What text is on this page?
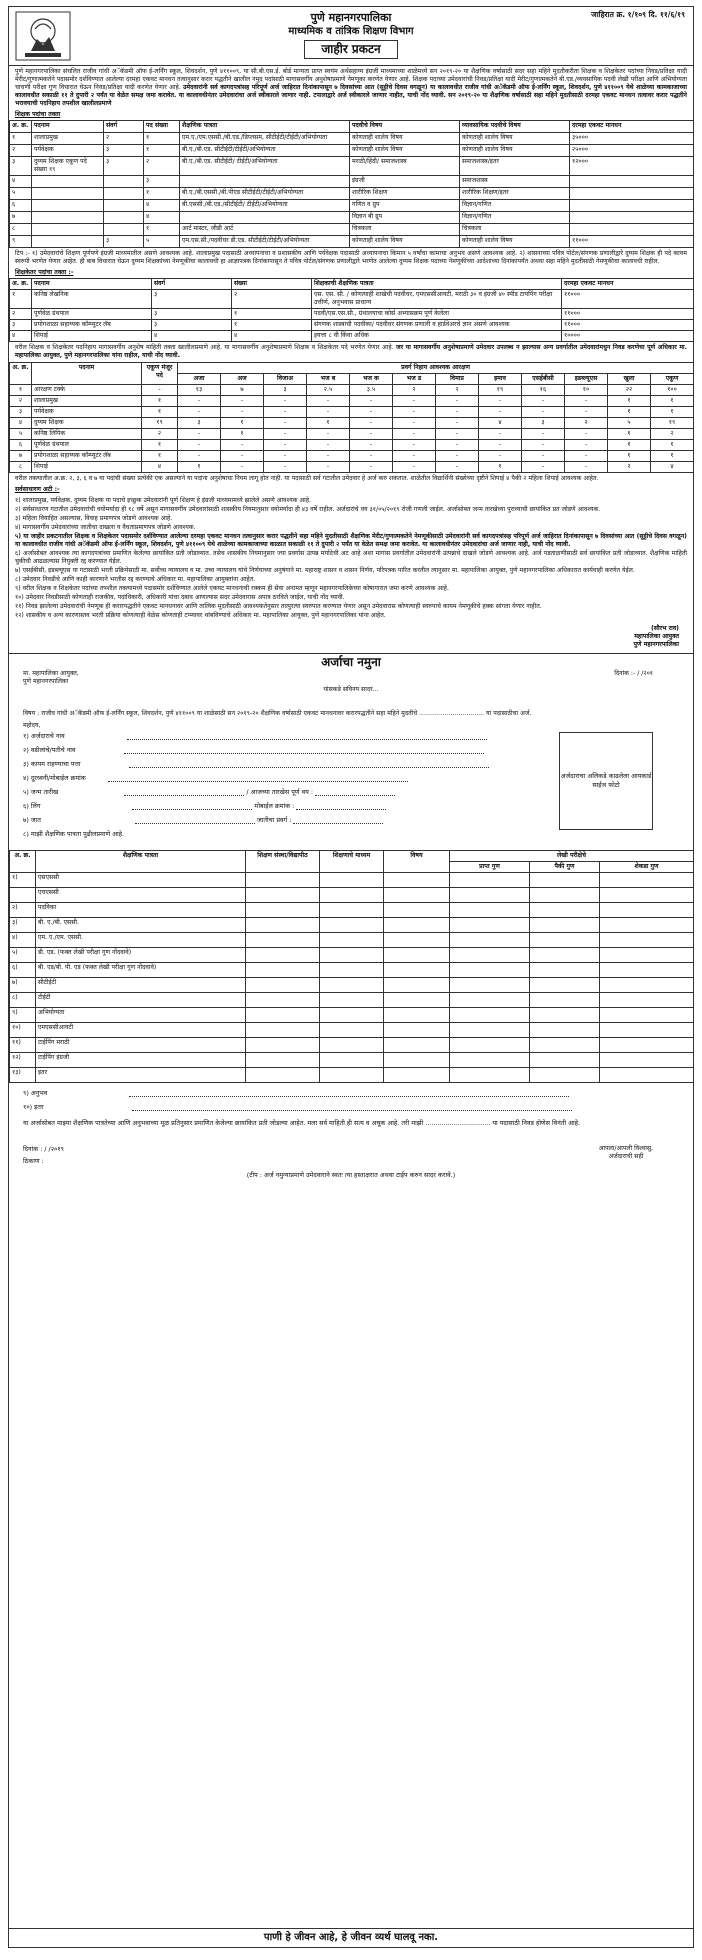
पुणे महानगरपालिका
माध्यमिक व तांत्रिक शिक्षण विभाग
जाहीर प्रकटन
जाहिरात क्र. १/१०९ दि. ११/६/१९
पुणे महानगरपालिका संचलित राजीव गांधी अॅकॅडमी ऑफ ई-लर्निंग स्कूल, शिवदर्शन, पुणे ४११००९, या सी.बी.एस.ई. बोर्ड मान्यता प्राप्त स्वयंम अर्थसहाय्य इंग्रजी माध्यमाच्या शाळेमध्ये सन २०१९-२० या शैक्षणिक वर्षासाठी सदर सहा महिने मुदतीकरीता शिक्षक व शिक्षकेतर पदांच्या निवड/प्रतिक्षा यादी मेरीट/गुणात्मकतेने पदासमोर दर्शविण्यात आलेल्या दरमहा एकवट मानधन तत्वानुसार करार पद्धतीने खालील नमुद पदांसाठी मागासवर्गीय अनुशेषाप्रमाणे नेमणूका करणेत येणार आहे. शिक्षक पदाच्या उमेदवारांची निवड/प्रतिक्षा यादी मेरीट/गुणात्मकतेने बी.एड./व्यवसायिक पदवी लेखी परीक्षा आणि अभियोग्यता चाचणी परीक्षा गुण विचारात घेऊन निवड/प्रतिक्षा यादी करणेत येणार आहे. उमेदवारांनी सर्व कागदपत्रांसह परिपूर्ण अर्ज जाहिरात दिनांकापासून ७ दिवसांच्या आत (सुट्टीचे दिवस वगळून) या कालावधीत राजीव गांधी अॅकॅडमी ऑफ ई-लर्निंग स्कूल, शिवदर्शन, पुणे ४११००९ येथे शाळेच्या कामकाजाच्या कालावधीत सकाळी ११ ते दुपारी २ पर्यंत या वेळेत समक्ष जमा करावेत. या कालावधीनंतर उमेदवारांचा अर्ज स्वीकारले जाणार नाही. टपालाद्वारे अर्ज स्वीकारले जाणार नाहीत, याची नोंद घ्यावी. सन २०१९-२० या शैक्षणिक वर्षासाठी सहा महिने मुदतीसाठी दरमहा एकवट मानधन तत्वावर करार पद्धतीने भरावयाची पदनिहाय तपशील खालीलप्रमाणे
शिक्षक पदांचा तक्ता
अ. क्र.	पदनाम	संवर्ग	पद संख्या	शैक्षणिक पात्रता	पदवीचे विषय	व्यावसायिक पदवीचे विषय	दरमहा एकवट मानधन
१	शालाप्रमुख	२	१	एम.ए./एम.एससी./बी.एड./डिप्लसम, सीटीईटी/टीईटी/अभियोग्यता	कोणताही शालेय विषय	कोणताही शालेय विषय	३५०००
२	पर्यवेक्षक	३	१	बी.ए./बी.एड. सीटीईटी/टीईटी/अभियोग्यता	कोणताही शालेय विषय	कोणताही शालेय विषय	२५०००
३	दुय्यम शिक्षक एकूण पदे संख्या १९	३	२	बी.ए./बी.एड. सीटीईटी/ टीईटी/अभियोग्यता	मराठी/हिंदी/ समाजशास्त्र	समाजशास्त्र/इतर	१२०००
४			३		इंग्रजी	समाजशास्त्र	
५			१	बी.ए./बी.एससी./बी.पीएड सीटीईटी/टीईटी/अभियोग्यता	शारीरिक शिक्षण	शारीरिक शिक्षण/इतर	
६			४	बी.एससी./बी.एड./सीटीईटी/ टीईटी/अभियोग्यता	गणित व ग्रुप	विज्ञान/गणित	
७			४		विज्ञान बी ग्रुप	विज्ञान/गणित	
८			१	आर्ट मास्टर, जीडी आर्ट	चित्रकला	चित्रकला	
९		३	५	एम.एस.सी./पदवीधर डी.एड. सीटीईटी/टीईटी/अभियोग्यता	कोणताही शालेय विषय	कोणताही शालेय विषय	११०००
टिप :- १) उमेदवारांचे शिक्षण पूर्णपणे इंग्रजी माध्यमातील असणे आवश्यक आहे. शालाप्रमुख पदासाठी अध्यापनाचा व प्रशासकीय आणि पर्यवेक्षक पदासाठी अध्यापनाचा किमान ५ वर्षांचा कामाचा अनुभव असणे आवश्यक आहे. २) शासनाच्या पवित्र पोर्टल/संगणक प्रणालीद्वारे दुय्यम शिक्षक ही पदे कायम स्वरुपी भरणेत येणार आहेत. ही बाब विचारात घेऊन दुय्यम शिक्षकांच्या नेमणूकीचा कालावधी हा आज्ञापत्रक दिनांकापासून ते पवित्र पोर्टल/संगणक प्रणालीद्वारे भरणेत आलेल्या दुय्यम शिक्षक पदाच्या नेमणूकीच्या आदेशाच्या दिनांकापर्यंत अथवा सहा महिने मुदतीसाठी नेमणूकीचा कालावधी राहील.
शिक्षकेतर पदांचा तक्ता :-
अ. क्र.	पदनाम	संवर्ग	संख्या	शिक्षकाची शैक्षणिक पात्रता	दरमहा एकवट मानधन
१	कनिष्ठ लेखनिक	३	२	एस. एस. सी. / कोणत्याही शाखेची पदवीधर, एमएससीआयटी, मराठी ३० व इंग्रजी ४० स्पीड टायपिंग परीक्षा उत्तीर्ण, अनुभवास प्राधान्य	११०००
२	पूर्णवेळ ग्रंथपाल	३	१	पदवी/एस.एस.सी., ग्रंथालयाचा कोर्स अभ्यासक्रम पूर्ण केलेला	११०००
३	प्रयोगशाळा सहाय्यक कॉम्प्युटर लॅब	३	१	संगणक शास्त्राची पदवीका/ पदवीधर संगणक प्रणाली व हार्डवेअरचे ज्ञान असणे आवश्यक	११०००
४	शिपाई	४	४	इयत्ता ८ वी किंवा अधिक	१००००
वरील शिक्षक व शिक्षकेतर पदनिहाय मागासवर्गीय अनुशेष माहिती तक्ता खालीलप्रमाणे आहे. या मागासवर्गीय अनुशेषाप्रमाणे शिक्षक व शिक्षकेतर पदे भरणेत येणार आहे. जर या मागासवर्गीय अनुशेषाप्रमाणे उमेदवार उपलब्ध न झाल्यास अन्य प्रवर्गातील उमेदवारांमधुन निवड करणेचा पूर्ण अधिकार मा. महापालिका आयुक्त, पुणे महानगरपालिका यांना राहील, याची नोंद घ्यावी.
अ. क्र.	पदनाम	एकूण मंजूर पदे	प्रवर्ग निहाय आवश्यक आरक्षण											
			अजा	अज	विजाअ	भज ब	भज क	भज ड	विमाप्र	इमाव	एसईबीसी	इडब्ल्यूएस	खुला	एकूण
१	आरक्षण टक्के	-	१३	७	३	२.५	३.५	२	२	१९	१६	१०	२२	१००
२	शालाप्रमुख	१	-	-	-	-	-	-	-	-	-	-	१	१
३	पर्यवेक्षक	१	-	-	-	-	-	-	-	-	-	-	१	१
४	दुय्यम शिक्षक	१९	३	१	-	१	-	-	-	४	३	२	५	१९
५	कनिष्ठ लिपिक	२	-	१	-	-	-	-	-	-	-	-	१	२
६	पूर्णवेळ ग्रंथपाल	१	-	-	-	-	-	-	-	-	-	-	१	१
७	प्रयोगशाळा सहाय्यक कॉम्प्युटर लॅब	१	-	-	-	-	-	-	-	-	-	-	१	१
८	शिपाई	४	१	-	-	-	-	-	-	१	-	-	२	४
वरील तक्त्यातील अ.क्र. २, ३, ६ व ७ या पदांची संख्या प्रत्येकी एक असल्याने या पदांना अनुशेषाचा नियम लागू होत नाही. या पदासाठी सर्व गटातील उमेदवार हे अर्ज करु शकतात. शाळेतील विद्यार्थिनी संख्येच्या दृष्टीने शिपाई ४ पैकी २ महिला शिपाई आवश्यक आहेत.
सर्वसाधारण अटी :-
१) शालाप्रमुख, पर्यवेक्षक, दुय्यम शिक्षक या पदाचे इच्छुक उमेदवारांनी पूर्ण शिक्षण हे इंग्रजी माध्यमामध्ये झालेले असणे आवश्यक आहे.
२) सर्वसाधारण गटातील उमेदवारांची वयोमर्यादा ही १८ वर्षे असून मागासवर्गीय उमेदवारांसाठी शासकीय नियमानुसार वयोमर्यादा ही ४३ वर्षे राहील. अर्जदारांचे वय ३१/०५/२०१९ रोजी गणली जाईल. अर्जासोबत जन्म तारखेच्या पुराव्याची छायांकित प्रत जोडणे आवश्यक.
३) महिला विवाहित असल्यास, विवाह प्रमाणपत्र जोडणे आवश्यक आहे.
४) मागासवर्गीय उमेदवारांच्या जातीचा दाखला व वैधताप्रमाणपत्र जोडणे आवश्यक.
५) या जाहीर प्रकटनातील शिक्षक व शिक्षकेतर पदासमोर दर्शविण्यात आलेल्या दरमहा एकवट मानधन तत्वानुसार करार पद्धतीने सहा महिने मुदतीसाठी शैक्षणिक मेरीट/गुणात्मकतेने नेमणूकीसाठी उमेदवारांनी सर्व कागदपत्रांसह परिपूर्ण अर्ज जाहिरात दिनांकापासून ७ दिवसांच्या आत (सुट्टीचे दिवस वगळून) या कालावधीत राजीव गांधी अॅकॅडमी ऑफ ई-लर्निंग स्कूल, शिवदर्शन, पुणे ४११००९ येथे शाळेच्या कामकाजाच्या काळात सकाळी ११ ते दुपारी २ पर्यंत या वेळेत समक्ष जमा करावेत. या कालावधीनंतर उमेदवारांचा अर्ज जाणार नाही, याची नोंद घ्यावी.
६) अर्जासोबत आवश्यक त्या कागदपत्रांच्या प्रमाणित केलेल्या छायांकित प्रती जोडाव्यात. तसेच शासकीय नियमानुसार ज्या प्रवर्गास उत्पन्न मर्यादेची अट आहे अशा मागास प्रवर्गातील उमेदवारांनी उत्पन्नाचे दाखले जोडणे आवश्यक आहे. अर्ज पडताळणीसाठी सर्व छायांकित प्रती जोडाव्यात. शैक्षणिक माहिती चुकीची आढळल्यास नियुक्ती रद्द करण्यात येईल.
७) एसईबीसी, इडब्ल्यूएस या गटासाठी भरती प्रक्रियेसाठी मा. सर्वोच्च न्यायालय व मा. उच्च न्यायालय यांचे निर्णयाच्या अनुषंगाने मा. महाराष्ट्र शासन व शासन निर्णय, परिपत्रक पारित करतील त्यानुसार मा. महापालिका आयुक्त, पुणे महानगरपालिका अधिकारात कार्यवाही करणेत येईल.
८) उमेदवार निवडीचे आणि काही कारणाने भरतीस रद्द करण्याचे अधिकार मा. महापालिका आयुक्तांना आहेत.
९) वरील शिक्षक व शिक्षकेतर पदांच्या तपशील तक्त्यामध्ये पदासमोर दर्शविण्यात आलेले एकवट मानधनाची रक्कम ही सेवा अनामत म्हणून महानगरपालिकेच्या कोषागारात जमा करणे आवश्यक आहे.
१०) उमेदवार निवडीसाठी कोणताही राजकीय, पदाधिकारी, अधिकारी यांचा दबाव आणल्यास सदर उमेदवारास अपात्र ठरविले जाईल, याची नोंद घ्यावी.
११) निवड झालेल्या उमेदवारांची नेमणूक ही करारपद्धतीने एकवट मानधनावर आणि तात्विक मुदतीसाठी आवश्यकतेनुसार तात्पुरत्या स्वरुपात करण्यात येणार असून उमेदवारास कोणत्याही स्वरुपाचे कायम नेमणूकीचे हक्क सांगता येणार नाहीत.
१२) शासकीय व अन्य कारणास्तव भरती प्रक्रिया कोणत्याही वेळेस कोणताही टप्प्यावर थांबविण्याचे अधिकार मा. महापालिका आयुक्त, पुणे महानगरपालिका यांना आहेत.
(सौरभ राव)
महापालिका आयुक्त
पुणे महानगरपालिका
अर्जाचा नमुना
दिनांक :- / /२०१
मा. महापालिका आयुक्त,
पुणे महानगरपालिका
यांसकडे सविनय सादर...
विषय : राजीव गांधी अॅकॅडमी ऑफ ई-लर्निंग स्कूल, शिवदर्शन, पुणे ४११००९ या शाळेसाठी सन २०१९-२० शैक्षणिक वर्षासाठी एकवट मानधनावर करारपद्धतीने सहा महिने मुदतीचे ................................. या पदासाठीचा अर्ज.
महोदय,
१) अर्जदाराचे नाव
२) वडीलांचे/पतीचे नाव
३) कायम राहण्याचा पत्ता
४) दूरध्वनी/मोबाईल क्रमांक
५) जन्म तारीख	/ आजच्या तारखेस पूर्ण वय :
६) लिंग	मोबाईल क्रमांक :
७) जात	जातीचा प्रवर्ग :
८) माझी शैक्षणिक पात्रता पुढीलप्रमाणे आहे.
अर्जदाराचा अलिकडे काढलेला आयकार्ड साईज फोटो
अ. क्र.	शैक्षणिक पात्रता	शिक्षण संस्था/विद्यापीठ	शिक्षणाचे माध्यम	विषय	लेखी परीक्षेचे		
					प्राप्त गुण	पैकी गुण	शेकडा गुण
१)	एसएससी						
	एचएससी						
२)	पदविका						
३)	बी. ए./बी. एससी.						
४)	एम. ए./एम. एससी.						
५)	डी. एड. (फक्त लेखी परीक्षा गुण नोंदवावे)						
६)	बी. एड/बी. पी. एड (फक्त लेखी परीक्षा गुण नोंदवावे)						
७)	सीटीईटी						
८)	टीईटी						
९)	अभियोग्यता						
१०)	एमएससीआयटी						
११)	टाईपिंग मराठी						
१२)	टाईपिंग इंग्रजी						
१३)	इतर						
९) अनुभव
१०) इतर
या अर्जासोबत माझ्या शैक्षणिक पात्रतेच्या आणि अनुभवाच्या मूळ प्रतिनुसार प्रमाणित केलेल्या छायांकित प्रती जोडल्या आहेत. मला सर्व माहिती ही सत्य व अचूक आहे. तरी माझी ................................ या पदासाठी निवड होणेस विनंती आहे.
दिनांक : / /२०१९
ठिकाण :
आपला/आपली विश्वासु,
अर्जदाराची सही
(टीप : अर्ज नमुन्याप्रमाणे उमेदवाराने स्वतः त्या हस्ताक्षरात अथवा टाईप करुन सादर करावे.)
पाणी हे जीवन आहे, हे जीवन व्यर्थ घालवू नका.
